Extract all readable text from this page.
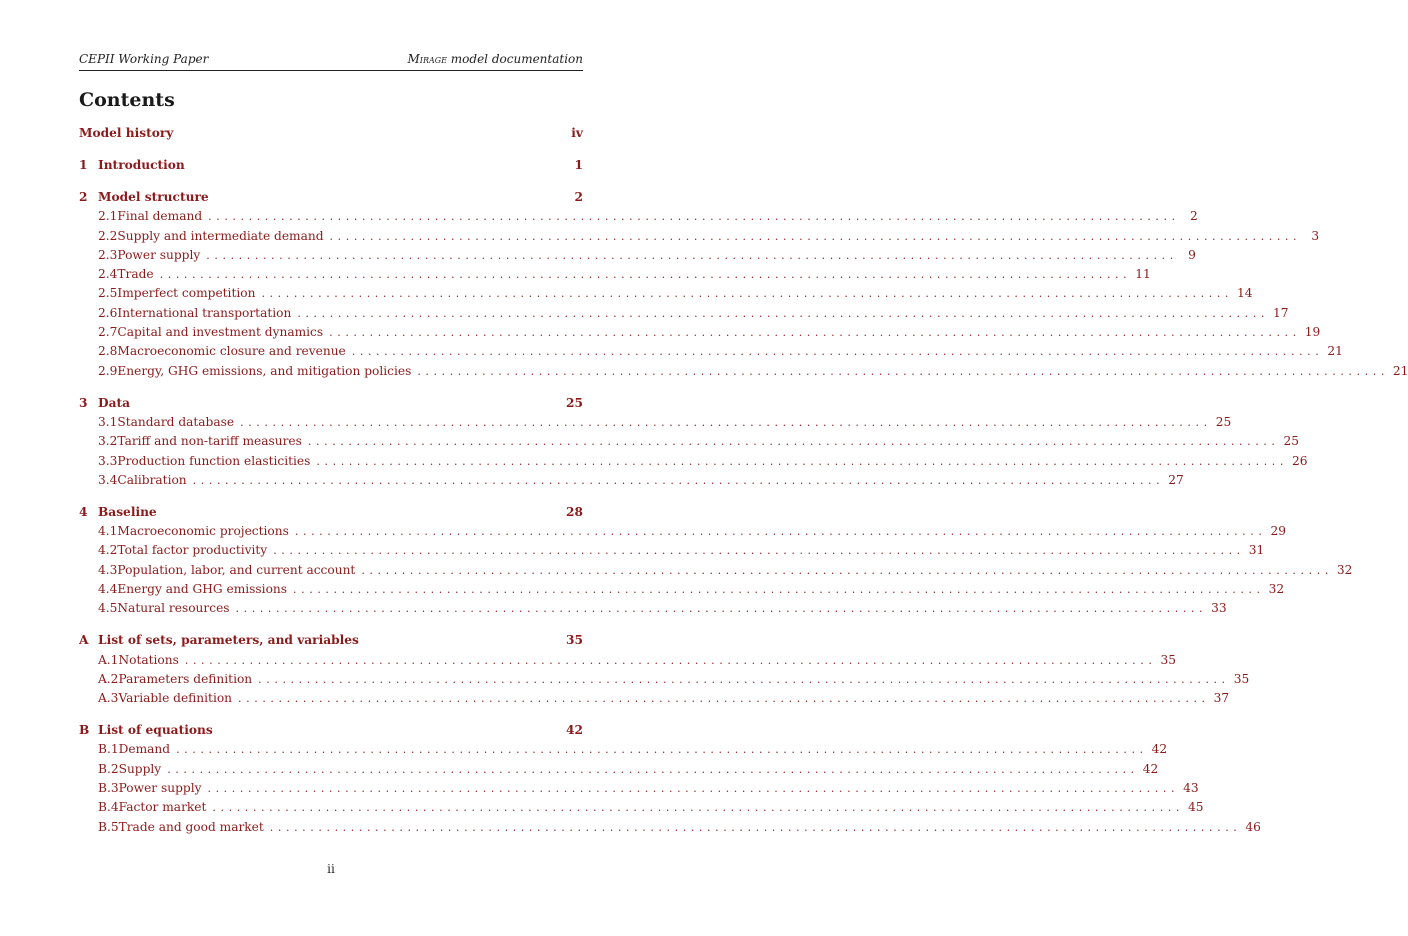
CEPII Working Paper	Mirage model documentation
Contents
Model history	iv
1 Introduction	1
2 Model structure	2
2.1 Final demand ........................................................................................................................ 2
2.2 Supply and intermediate demand ........................................................................................................................ 3
2.3 Power supply ........................................................................................................................ 9
2.4 Trade ........................................................................................................................ 11
2.5 Imperfect competition ........................................................................................................................ 14
2.6 International transportation ........................................................................................................................ 17
2.7 Capital and investment dynamics ........................................................................................................................ 19
2.8 Macroeconomic closure and revenue ........................................................................................................................ 21
2.9 Energy, GHG emissions, and mitigation policies ........................................................................................................................ 21
3 Data	25
3.1 Standard database ........................................................................................................................ 25
3.2 Tariff and non-tariff measures ........................................................................................................................ 25
3.3 Production function elasticities ........................................................................................................................ 26
3.4 Calibration ........................................................................................................................ 27
4 Baseline	28
4.1 Macroeconomic projections ........................................................................................................................ 29
4.2 Total factor productivity ........................................................................................................................ 31
4.3 Population, labor, and current account ........................................................................................................................ 32
4.4 Energy and GHG emissions ........................................................................................................................ 32
4.5 Natural resources ........................................................................................................................ 33
A List of sets, parameters, and variables	35
A.1 Notations ........................................................................................................................ 35
A.2 Parameters definition ........................................................................................................................ 35
A.3 Variable definition ........................................................................................................................ 37
B List of equations	42
B.1 Demand ........................................................................................................................ 42
B.2 Supply ........................................................................................................................ 42
B.3 Power supply ........................................................................................................................ 43
B.4 Factor market ........................................................................................................................ 45
B.5 Trade and good market ........................................................................................................................ 46
ii
